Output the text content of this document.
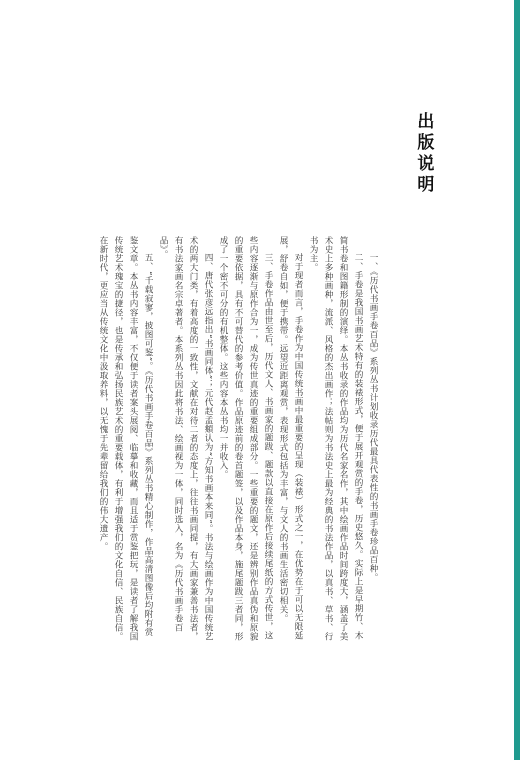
出版说明

一、《历代书画手卷百品》系列丛书计划收录历代最具代表性的书画手卷珍品百种。

二、手卷是我国书画艺术特有的装裱形式，便于展开观赏的手卷，历史悠久。实际上是早期竹、木简书卷和图籍形制的演绎。本丛书收录的作品均为历代名家名作，其中绘画作品时间跨度大，涵盖了美术史上多种画种，流派、风格的杰出画作；法帖则为书法史上最为经典的书法作品，以真书、草书、行书为主。

对于现者而言，手卷作为中国传统书画中最重要的呈现（装裱）形式之一，在优势在于可以无限延展，舒卷自如，便于携带。远望近距离观赏，表现形式包括为丰富，与文人的书画生活密切相关。

三、手卷作品由世至后，历代文人、书画家的题跋、题款以直接在原作后接续尾纸的方式传世，这些内容逐渐与原作合为一，成为传世真迹的重要组成部分。一些重要的题文，还是辨别作品真伪和原貌的重要依据，具有不可替代的参考价值。作品原迹前的卷首题签，以及作品本身，施尾题跋三者同，形成了一个密不可分的有机整体。这些内容本丛书均一并收入。

四、唐代张彦远指出“书画同体”；元代赵孟頫认为“方知书画本来同”。书法与绘画作为中国传统艺术的两大门类，有着高度的一致性，文献在对待二者的态度上，往往书画同提，有大画家兼善书法者，有书法家画名宗卓著者。本系列丛书因此将书法、绘画视为一体，同时选入，名为《历代书画手卷百品》。

五、“千载寂寥，披图可鉴”。《历代书画手卷百品》系列丛书精心制作，作品高清图像后均附有赏鉴文章。本丛书内容丰富，不仅便于读者案头展阅、临摹和收藏，而且适于赏鉴把玩，是读者了解我国传统艺术瑰宝的捷径，也是传承和弘扬民族艺术的重要载体，有利于增强我们的文化自信、民族自信。在新时代，更应当从传统文化中汲取养料，以无愧于先辈留给我们的伟大遗产。
